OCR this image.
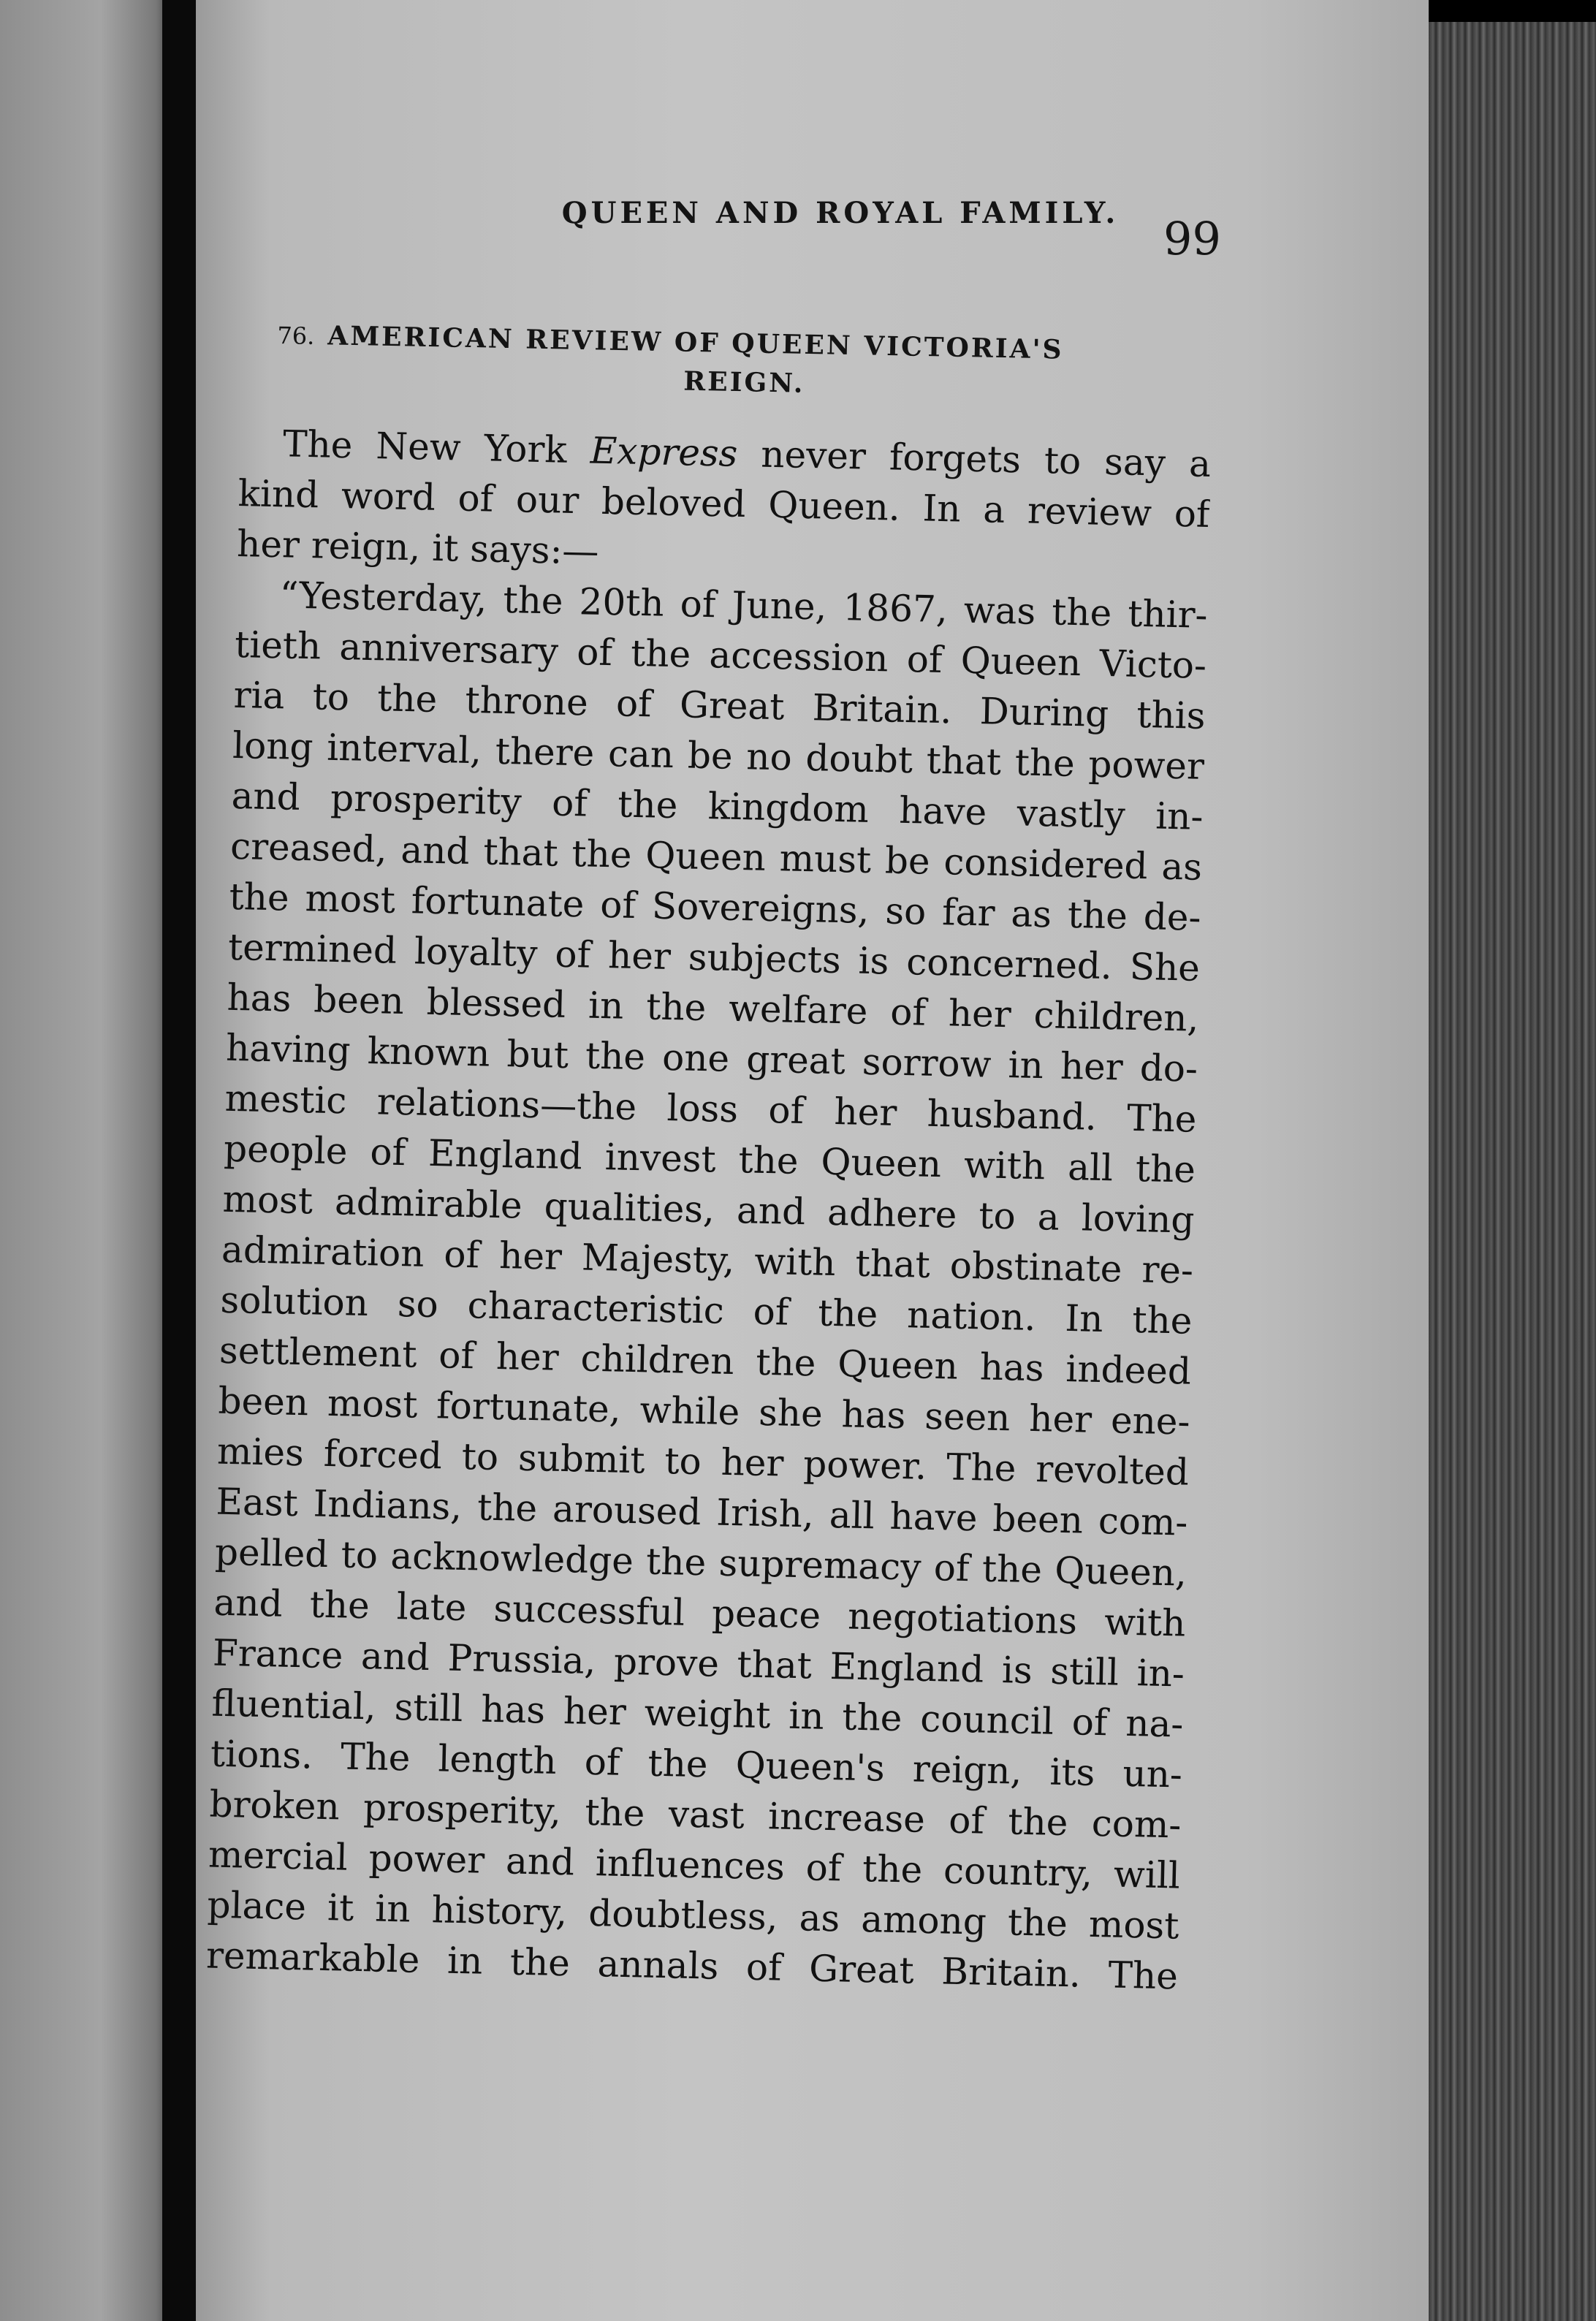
QUEEN AND ROYAL FAMILY. 99
76. AMERICAN REVIEW OF QUEEN VICTORIA'S
REIGN.
The New York Express never forgets to say a
kind word of our beloved Queen. In a review of
her reign, it says:—
“Yesterday, the 20th of June, 1867, was the thir-
tieth anniversary of the accession of Queen Victo-
ria to the throne of Great Britain. During this
long interval, there can be no doubt that the power
and prosperity of the kingdom have vastly in-
creased, and that the Queen must be considered as
the most fortunate of Sovereigns, so far as the de-
termined loyalty of her subjects is concerned. She
has been blessed in the welfare of her children,
having known but the one great sorrow in her do-
mestic relations—the loss of her husband. The
people of England invest the Queen with all the
most admirable qualities, and adhere to a loving
admiration of her Majesty, with that obstinate re-
solution so characteristic of the nation. In the
settlement of her children the Queen has indeed
been most fortunate, while she has seen her ene-
mies forced to submit to her power. The revolted
East Indians, the aroused Irish, all have been com-
pelled to acknowledge the supremacy of the Queen,
and the late successful peace negotiations with
France and Prussia, prove that England is still in-
fluential, still has her weight in the council of na-
tions. The length of the Queen's reign, its un-
broken prosperity, the vast increase of the com-
mercial power and influences of the country, will
place it in history, doubtless, as among the most
remarkable in the annals of Great Britain. The
